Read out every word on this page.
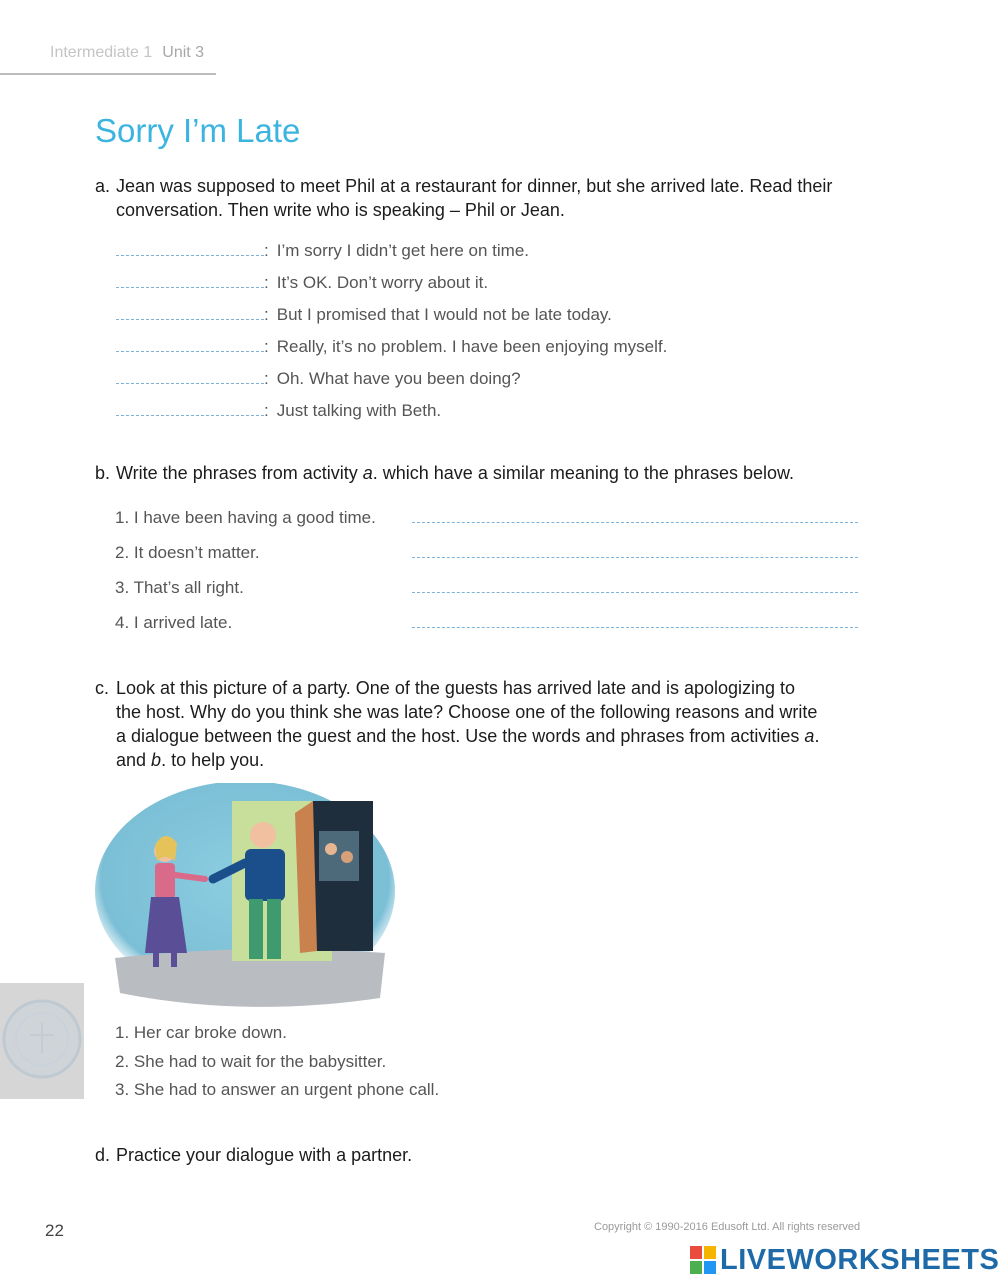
Intermediate 1 Unit 3
Sorry I’m Late
a. Jean was supposed to meet Phil at a restaurant for dinner, but she arrived late. Read their
conversation. Then write who is speaking – Phil or Jean.
: I’m sorry I didn’t get here on time.
: It’s OK. Don’t worry about it.
: But I promised that I would not be late today.
: Really, it’s no problem. I have been enjoying myself.
: Oh. What have you been doing?
: Just talking with Beth.
b. Write the phrases from activity a. which have a similar meaning to the phrases below.
1. I have been having a good time.
2. It doesn’t matter.
3. That’s all right.
4. I arrived late.
c. Look at this picture of a party. One of the guests has arrived late and is apologizing to
the host. Why do you think she was late? Choose one of the following reasons and write
a dialogue between the guest and the host. Use the words and phrases from activities a.
and b. to help you.
1. Her car broke down.
2. She had to wait for the babysitter.
3. She had to answer an urgent phone call.
d. Practice your dialogue with a partner.
22	Copyright © 1990-2016 Edusoft Ltd. All rights reserved
LIVEWORKSHEETS
